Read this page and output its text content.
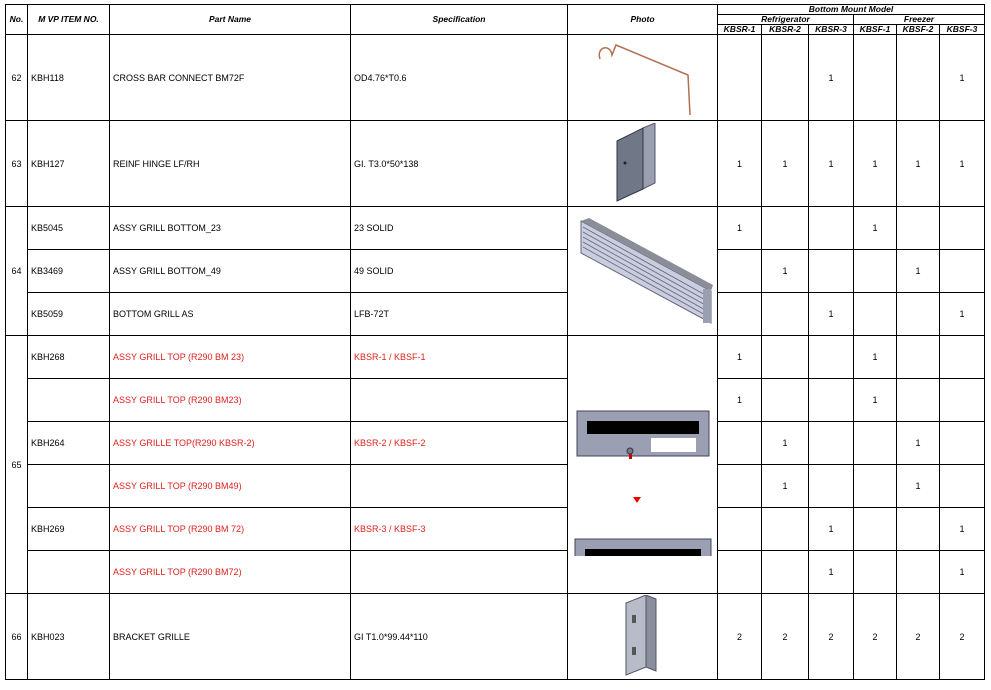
No.	M VP ITEM NO.	Part Name	Specification	Photo	Bottom Mount Model					
					Refrigerator			Freezer		
					KBSR-1	KBSR-2	KBSR-3	KBSF-1	KBSF-2	KBSF-3
62	KBH118	CROSS BAR CONNECT BM72F	OD4.76*T0.6				1			1
63	KBH127	REINF HINGE LF/RH	GI. T3.0*50*138		1	1	1	1	1	1
64	KB5045	ASSY GRILL BOTTOM_23	23 SOLID		1			1		
	KB3469	ASSY GRILL BOTTOM_49	49 SOLID			1			1	
	KB5059	BOTTOM GRILL AS	LFB-72T				1			1
65	KBH268	ASSY GRILL TOP (R290 BM 23)	KBSR-1 / KBSF-1		1			1		
		ASSY GRILL TOP (R290 BM23)			1			1		
	KBH264	ASSY GRILLE TOP(R290 KBSR-2)	KBSR-2 / KBSF-2			1			1	
		ASSY GRILL TOP (R290 BM49)				1			1	
	KBH269	ASSY GRILL TOP (R290 BM 72)	KBSR-3 / KBSF-3				1			1
		ASSY GRILL TOP (R290 BM72)					1			1
66	KBH023	BRACKET GRILLE	GI T1.0*99.44*110		2	2	2	2	2	2
